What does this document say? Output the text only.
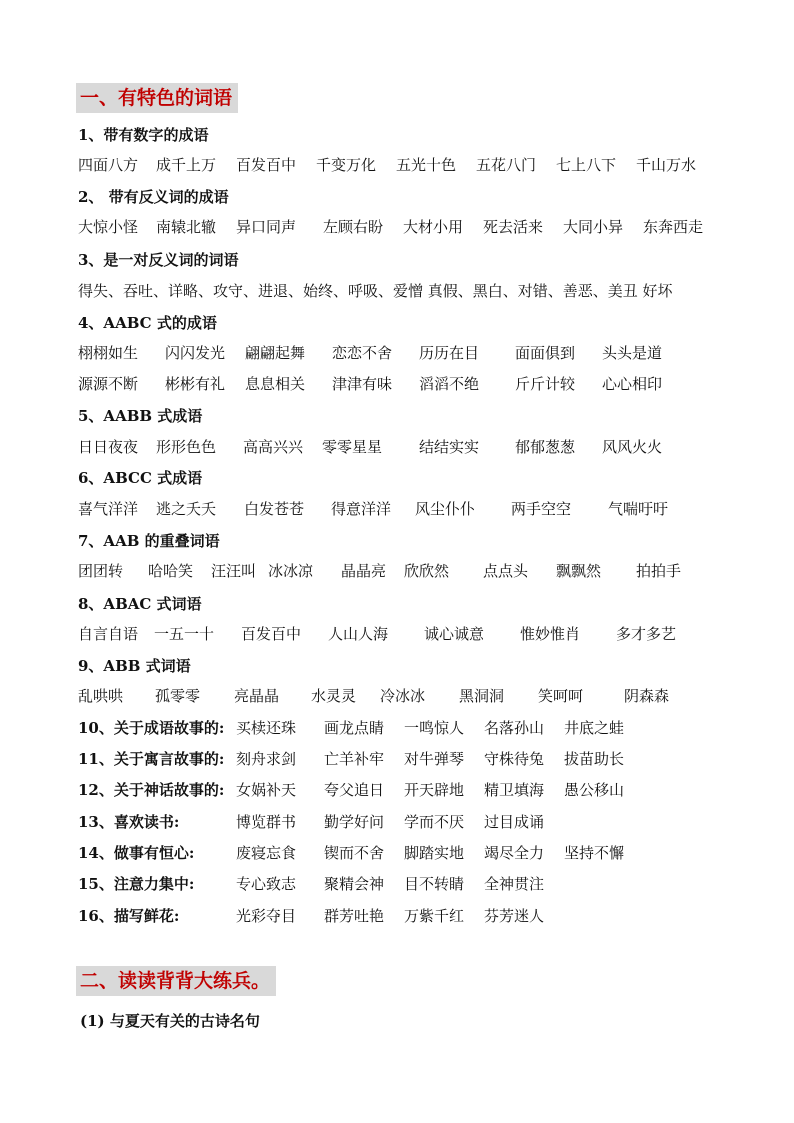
一、有特色的词语
1、带有数字的成语
四面八方 成千上万 百发百中 千变万化 五光十色 五花八门 七上八下 千山万水
2、 带有反义词的成语
大惊小怪 南辕北辙 异口同声 左顾右盼 大材小用 死去活来 大同小异 东奔西走
3、是一对反义词的词语
得失、吞吐、详略、攻守、进退、始终、呼吸、爱憎 真假、黑白、对错、善恶、美丑 好坏
4、AABC 式的成语
栩栩如生 闪闪发光 翩翩起舞 恋恋不舍 历历在目 面面俱到 头头是道
源源不断 彬彬有礼 息息相关 津津有味 滔滔不绝 斤斤计较 心心相印
5、AABB 式成语
日日夜夜 形形色色 高高兴兴 零零星星 结结实实 郁郁葱葱 风风火火
6、ABCC 式成语
喜气洋洋 逃之夭夭 白发苍苍 得意洋洋 风尘仆仆 两手空空 气喘吁吁
7、AAB 的重叠词语
团团转 哈哈笑 汪汪叫 冰冰凉 晶晶亮 欣欣然 点点头 飘飘然 拍拍手
8、ABAC 式词语
自言自语 一五一十 百发百中 人山人海 诚心诚意 惟妙惟肖 多才多艺
9、ABB 式词语
乱哄哄 孤零零 亮晶晶 水灵灵 冷冰冰 黑洞洞 笑呵呵	阴森森
10、关于成语故事的: 买椟还珠 画龙点睛 一鸣惊人 名落孙山 井底之蛙
11、关于寓言故事的: 刻舟求剑 亡羊补牢 对牛弹琴 守株待兔 拔苗助长
12、关于神话故事的: 女娲补天 夸父追日 开天辟地 精卫填海 愚公移山
13、喜欢读书:	博览群书 勤学好问 学而不厌 过目成诵
14、做事有恒心:	废寝忘食 锲而不舍 脚踏实地 竭尽全力 坚持不懈
15、注意力集中:	专心致志 聚精会神 目不转睛 全神贯注
16、描写鲜花:	光彩夺目 群芳吐艳 万紫千红 芬芳迷人
二、读读背背大练兵。
(1) 与夏天有关的古诗名句
